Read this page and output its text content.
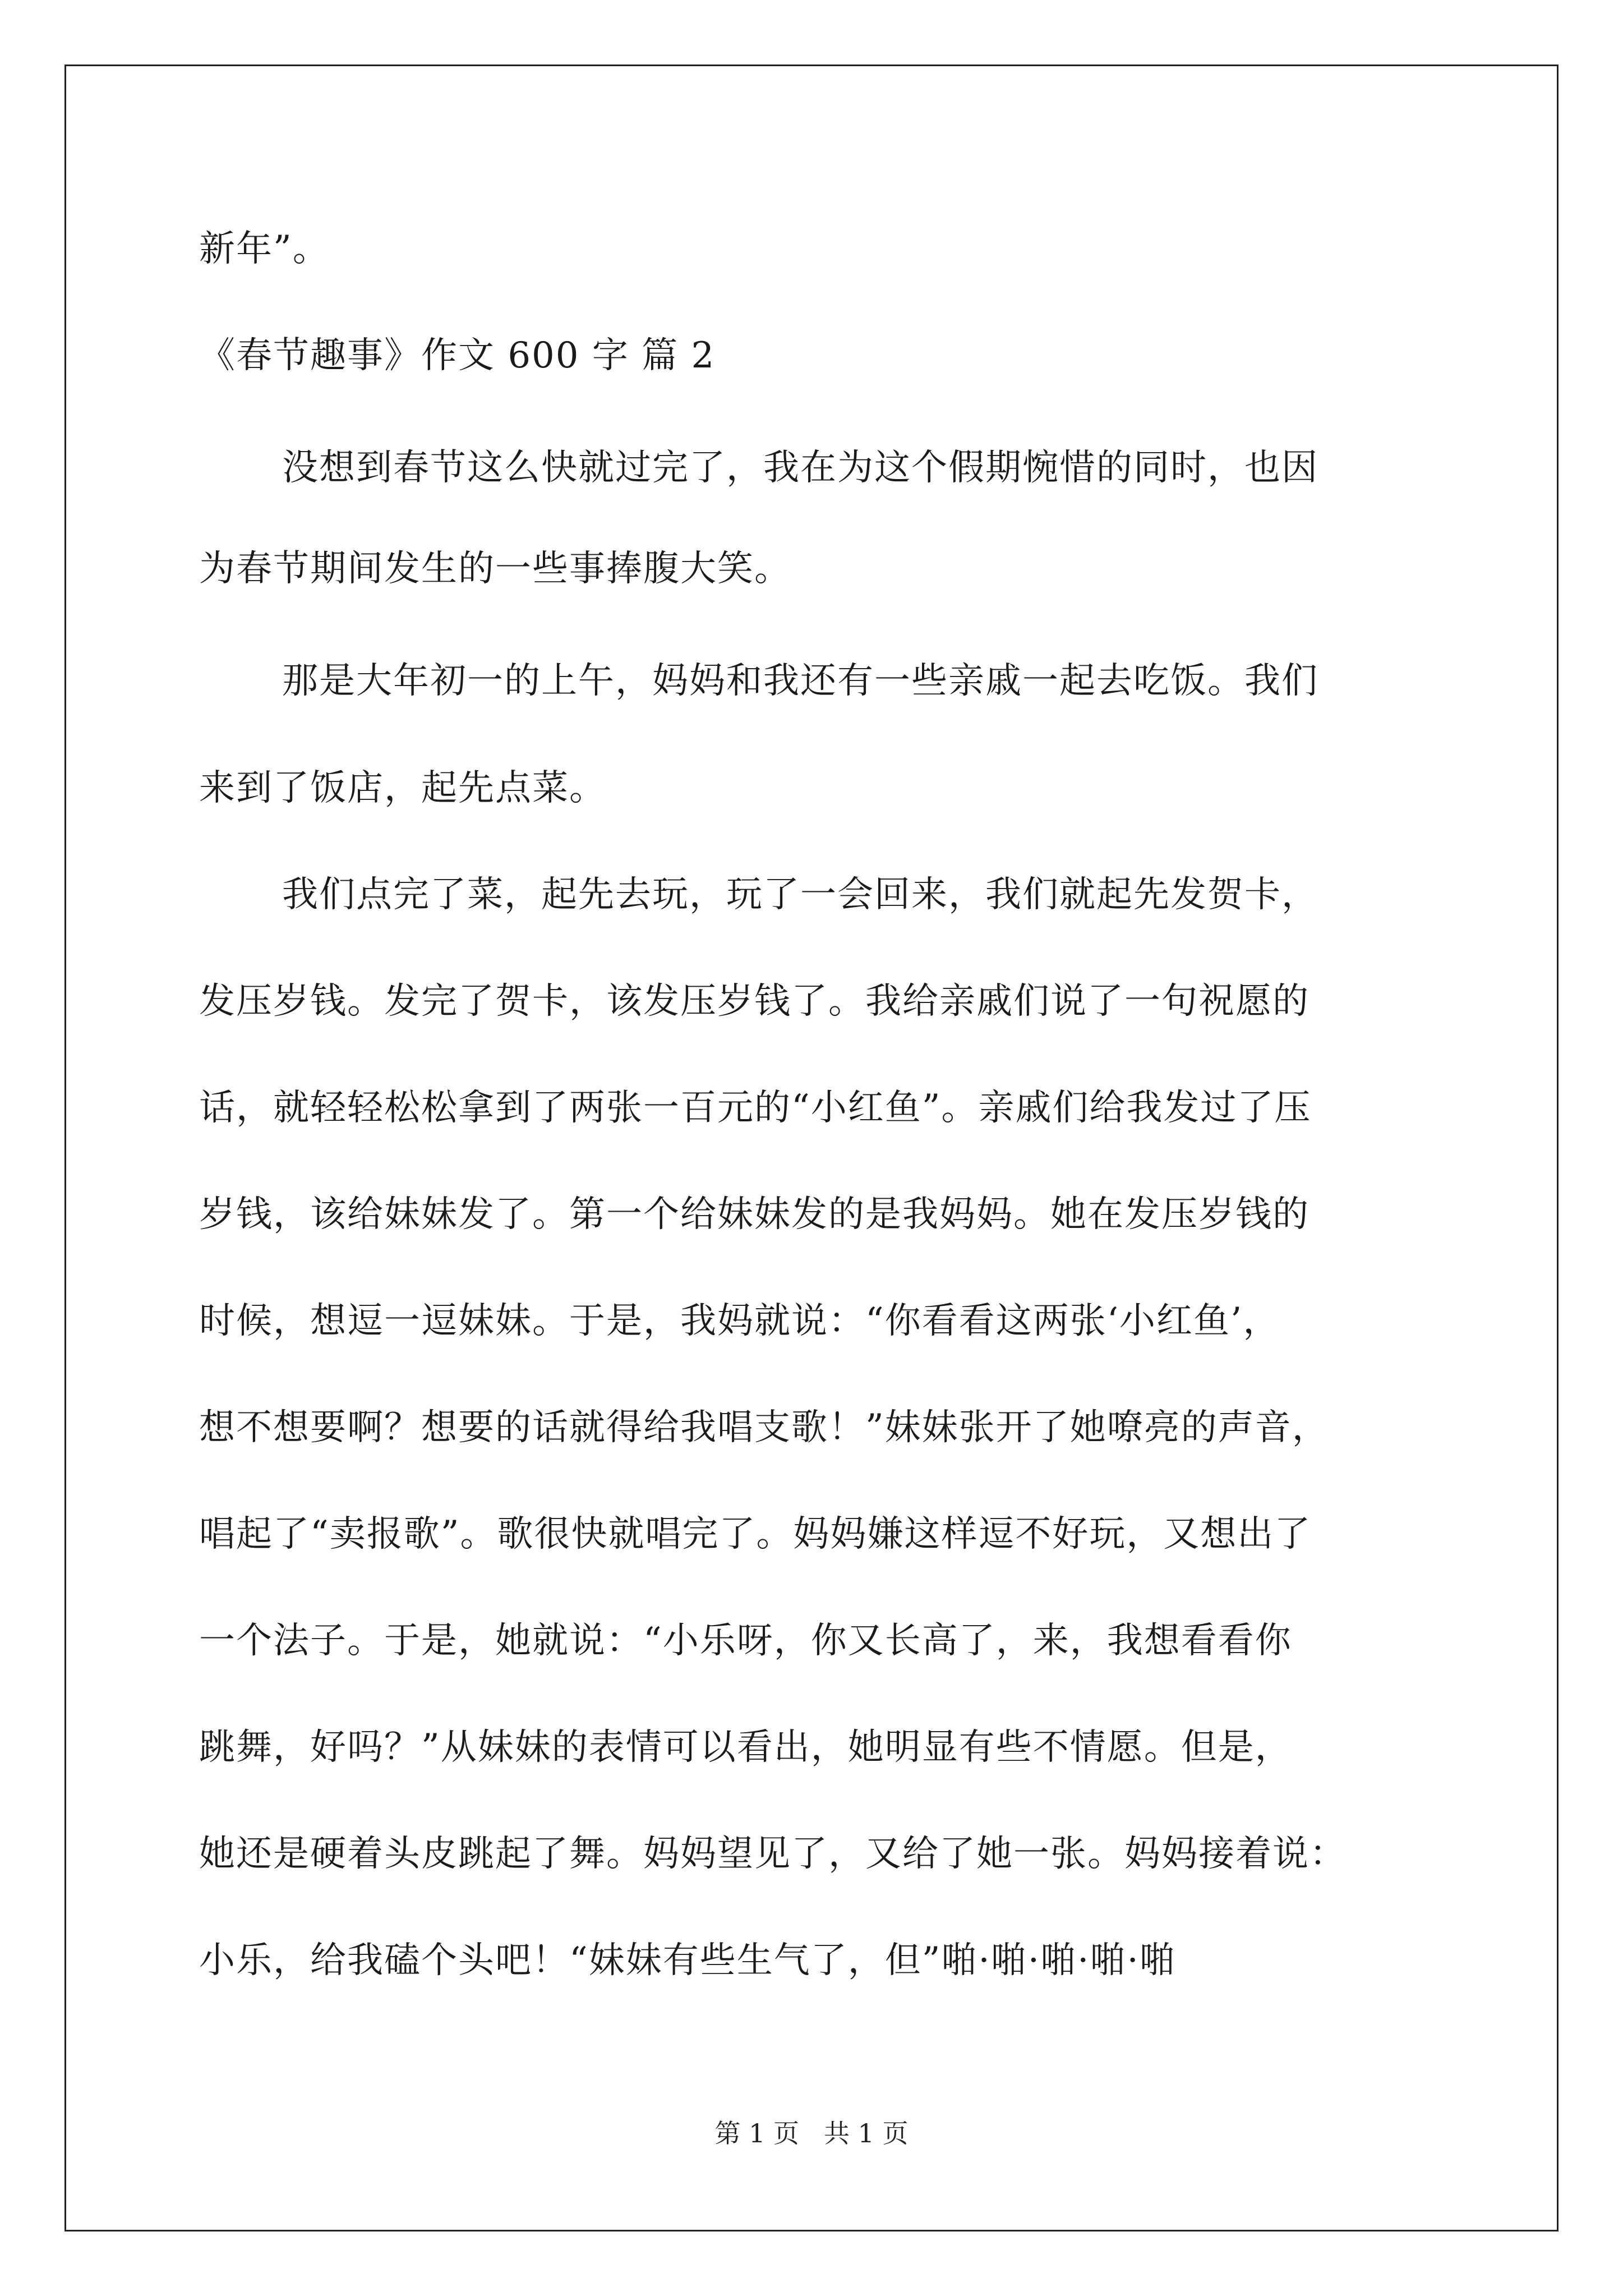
新年”。
《春节趣事》作文 600 字 篇 2
没想到春节这么快就过完了，我在为这个假期惋惜的同时，也因
为春节期间发生的一些事捧腹大笑。
那是大年初一的上午，妈妈和我还有一些亲戚一起去吃饭。我们
来到了饭店，起先点菜。
我们点完了菜，起先去玩，玩了一会回来，我们就起先发贺卡，
发压岁钱。发完了贺卡，该发压岁钱了。我给亲戚们说了一句祝愿的
话，就轻轻松松拿到了两张一百元的“小红鱼”。亲戚们给我发过了压
岁钱，该给妹妹发了。第一个给妹妹发的是我妈妈。她在发压岁钱的
时候，想逗一逗妹妹。于是，我妈就说：“你看看这两张‘小红鱼’，
想不想要啊？想要的话就得给我唱支歌！”妹妹张开了她嘹亮的声音，
唱起了“卖报歌”。歌很快就唱完了。妈妈嫌这样逗不好玩，又想出了
一个法子。于是，她就说：“小乐呀，你又长高了，来，我想看看你
跳舞，好吗？”从妹妹的表情可以看出，她明显有些不情愿。但是，
她还是硬着头皮跳起了舞。妈妈望见了，又给了她一张。妈妈接着说：
小乐，给我磕个头吧！“妹妹有些生气了，但”啪·啪·啪·啪·啪
第 1 页 共 1 页
